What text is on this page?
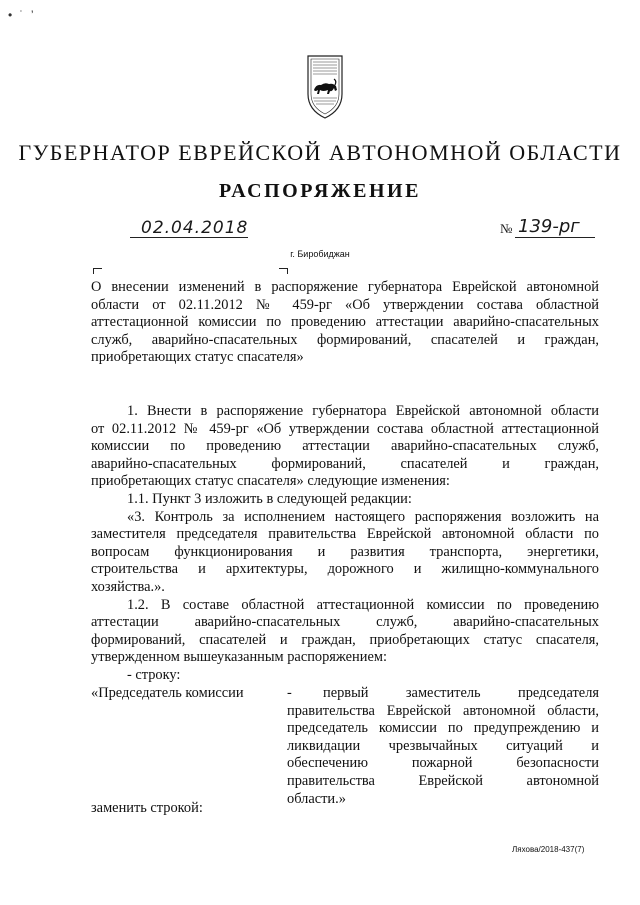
• ˙ ’
ГУБЕРНАТОР ЕВРЕЙСКОЙ АВТОНОМНОЙ ОБЛАСТИ
РАСПОРЯЖЕНИЕ
02.04.2018	№ 139-рг
г. Биробиджан
О внесении изменений в распоряжение губернатора Еврейской автономной
области от 02.11.2012 № 459-рг «Об утверждении состава областной
аттестационной комиссии по проведению аттестации аварийно-спасательных
служб, аварийно-спасательных формирований, спасателей и граждан,
приобретающих статус спасателя»
1. Внести в распоряжение губернатора Еврейской автономной области
от 02.11.2012 № 459-рг «Об утверждении состава областной аттестационной
комиссии по проведению аттестации аварийно-спасательных служб,
аварийно-спасательных формирований, спасателей и граждан,
приобретающих статус спасателя» следующие изменения:
1.1. Пункт 3 изложить в следующей редакции:
«3. Контроль за исполнением настоящего распоряжения возложить на
заместителя председателя правительства Еврейской автономной области по
вопросам функционирования и развития транспорта, энергетики,
строительства и архитектуры, дорожного и жилищно-коммунального
хозяйства.».
1.2. В составе областной аттестационной комиссии по проведению
аттестации аварийно-спасательных служб, аварийно-спасательных
формирований, спасателей и граждан, приобретающих статус спасателя,
утвержденном вышеуказанным распоряжением:
- строку:
«Председатель комиссии	-	первый заместитель председателя
правительства Еврейской автономной области,
председатель комиссии по предупреждению и
ликвидации чрезвычайных ситуаций и
обеспечению пожарной безопасности
правительства Еврейской автономной
области.»
заменить строкой:
Ляхова/2018-437(7)
